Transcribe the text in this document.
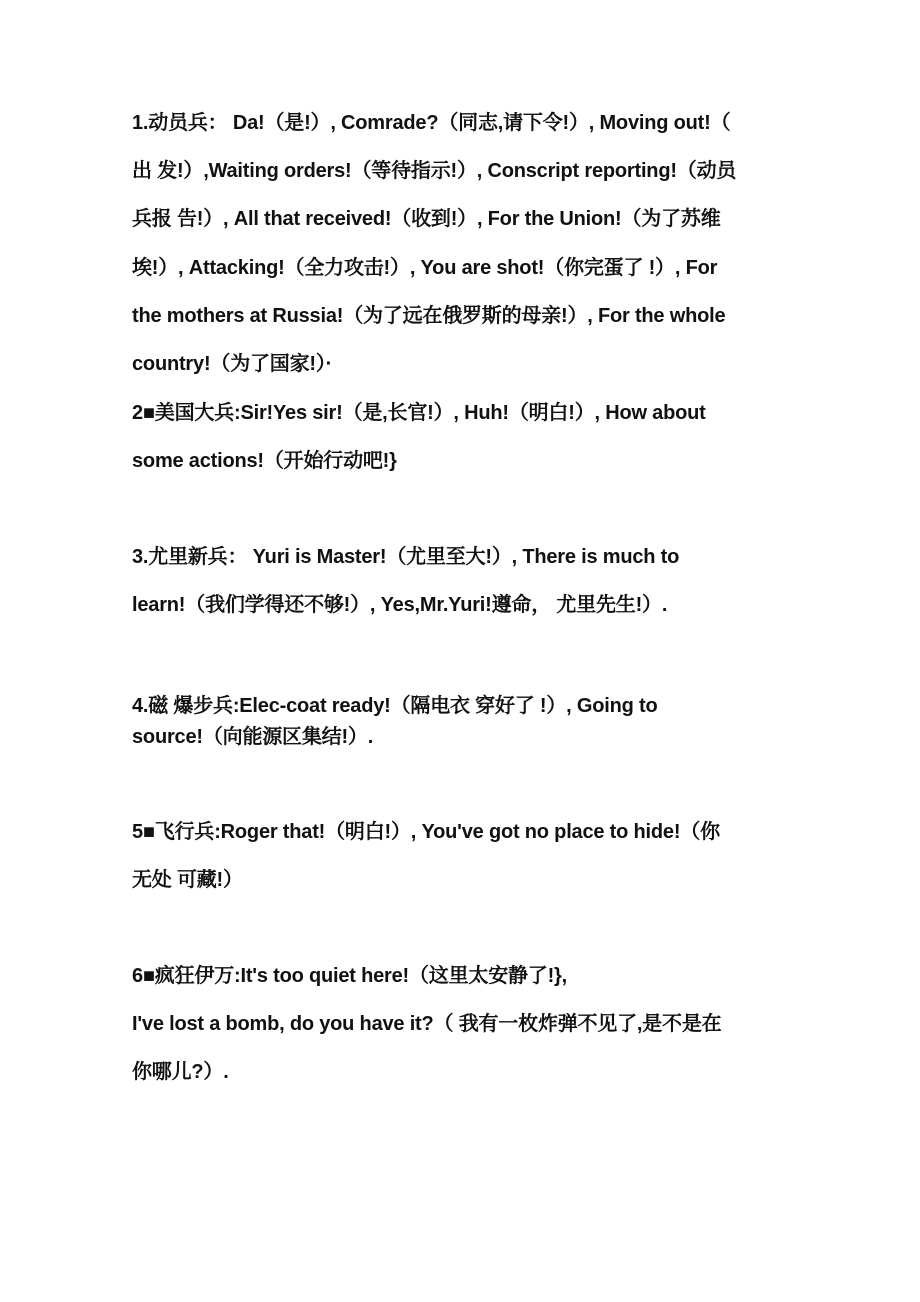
1.动员兵： Da!（是!）, Comrade?（同志,请下令!）, Moving out!（
出 发!）,Waiting orders!（等待指示!）, Conscript reporting!（动员
兵报 告!）, All that received!（收到!）, For the Union!（为了苏维
埃!）, Attacking!（全力攻击!）, You are shot!（你完蛋了 !）, For
the mothers at Russia!（为了远在俄罗斯的母亲!）, For the whole
country!（为了国家!）·
2■美国大兵:Sir!Yes sir!（是,长官!）, Huh!（明白!）, How about
some actions!（开始行动吧!}
3.尤里新兵： Yuri is Master!（尤里至大!）, There is much to
learn!（我们学得还不够!）, Yes,Mr.Yuri!遵命， 尤里先生!）.
4.磁 爆步兵:Elec-coat ready!（隔电衣 穿好了 !）, Going to
source!（向能源区集结!）.
5■飞行兵:Roger that!（明白!）, You've got no place to hide!（你
无处 可藏!）
6■疯狂伊万:It's too quiet here!（这里太安静了!},
I've lost a bomb, do you have it?（ 我有一枚炸弹不见了,是不是在
你哪儿?）.
